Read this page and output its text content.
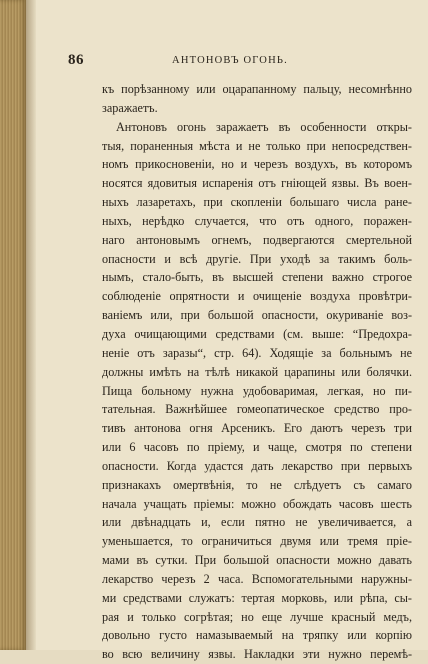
86	АНТОНОВЪ ОГОНЬ.
къ порѣзанному или оцарапанному пальцу, несомнѣнно
заражаетъ.
Антоновъ огонь заражаетъ въ особенности откры-
тыя, пораненныя мѣста и не только при непосредствен-
номъ прикосновеніи, но и черезъ воздухъ, въ которомъ
носятся ядовитыя испаренія отъ гніющей язвы. Въ воен-
ныхъ лазаретахъ, при скопленіи большаго числа ране-
ныхъ, нерѣдко случается, что отъ одного, поражен-
наго антоновымъ огнемъ, подвергаются смертельной
опасности и всѣ другіе. При уходѣ за такимъ боль-
нымъ, стало-быть, въ высшей степени важно строгое
соблюденіе опрятности и очищеніе воздуха провѣтри-
ваніемъ или, при большой опасности, окуриваніе воз-
духа очищающими средствами (см. выше: “Предохра-
неніе отъ заразы“, стр. 64). Ходящіе за больнымъ не
должны имѣть на тѣлѣ никакой царапины или болячки.
Пища больному нужна удобоваримая, легкая, но пи-
тательная. Важнѣйшее гомеопатическое средство про-
тивъ антонова огня Арсеникъ. Его даютъ черезъ три
или 6 часовъ по пріему, и чаще, смотря по степени
опасности. Когда удастся дать лекарство при первыхъ
признакахъ омертвѣнія, то не слѣдуетъ съ самаго
начала учащать пріемы: можно обождать часовъ шесть
или двѣнадцать и, если пятно не увеличивается, а
уменьшается, то ограничиться двумя или тремя пріе-
мами въ сутки. При большой опасности можно давать
лекарство черезъ 2 часа. Вспомогательными наружны-
ми средствами служатъ: тертая морковь, или рѣпа, сы-
рая и только согрѣтая; но еще лучше красный медъ,
довольно густо намазываемый на тряпку или корпію
во всю величину язвы. Накладки эти нужно перемѣ-
